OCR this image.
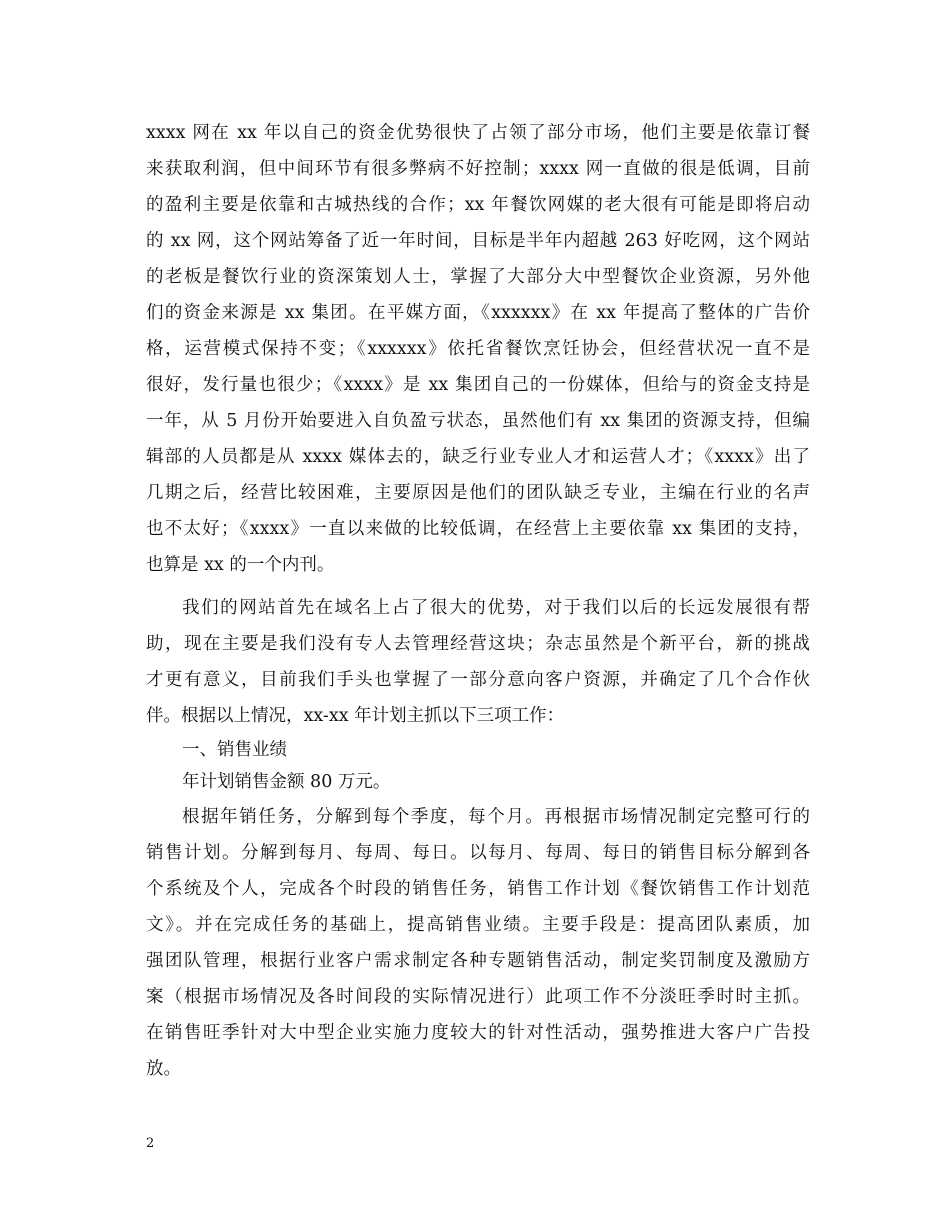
xxxx 网在 xx 年以自己的资金优势很快了占领了部分市场，他们主要是依靠订餐
来获取利润，但中间环节有很多弊病不好控制；xxxx 网一直做的很是低调，目前
的盈利主要是依靠和古城热线的合作；xx 年餐饮网媒的老大很有可能是即将启动
的 xx 网，这个网站筹备了近一年时间，目标是半年内超越 263 好吃网，这个网站
的老板是餐饮行业的资深策划人士，掌握了大部分大中型餐饮企业资源，另外他
们的资金来源是 xx 集团。在平媒方面，《xxxxxx》在 xx 年提高了整体的广告价
格，运营模式保持不变；《xxxxxx》依托省餐饮烹饪协会，但经营状况一直不是
很好，发行量也很少；《xxxx》是 xx 集团自己的一份媒体，但给与的资金支持是
一年，从 5 月份开始要进入自负盈亏状态，虽然他们有 xx 集团的资源支持，但编
辑部的人员都是从 xxxx 媒体去的，缺乏行业专业人才和运营人才；《xxxx》出了
几期之后，经营比较困难，主要原因是他们的团队缺乏专业，主编在行业的名声
也不太好；《xxxx》一直以来做的比较低调，在经营上主要依靠 xx 集团的支持，
也算是 xx 的一个内刊。
我们的网站首先在域名上占了很大的优势，对于我们以后的长远发展很有帮
助，现在主要是我们没有专人去管理经营这块；杂志虽然是个新平台，新的挑战
才更有意义，目前我们手头也掌握了一部分意向客户资源，并确定了几个合作伙
伴。根据以上情况，xx-xx 年计划主抓以下三项工作：
一、销售业绩
年计划销售金额 80 万元。
根据年销任务，分解到每个季度，每个月。再根据市场情况制定完整可行的
销售计划。分解到每月、每周、每日。以每月、每周、每日的销售目标分解到各
个系统及个人，完成各个时段的销售任务，销售工作计划《餐饮销售工作计划范
文》。并在完成任务的基础上，提高销售业绩。主要手段是：提高团队素质，加
强团队管理，根据行业客户需求制定各种专题销售活动，制定奖罚制度及激励方
案（根据市场情况及各时间段的实际情况进行）此项工作不分淡旺季时时主抓。
在销售旺季针对大中型企业实施力度较大的针对性活动，强势推进大客户广告投
放。
2
